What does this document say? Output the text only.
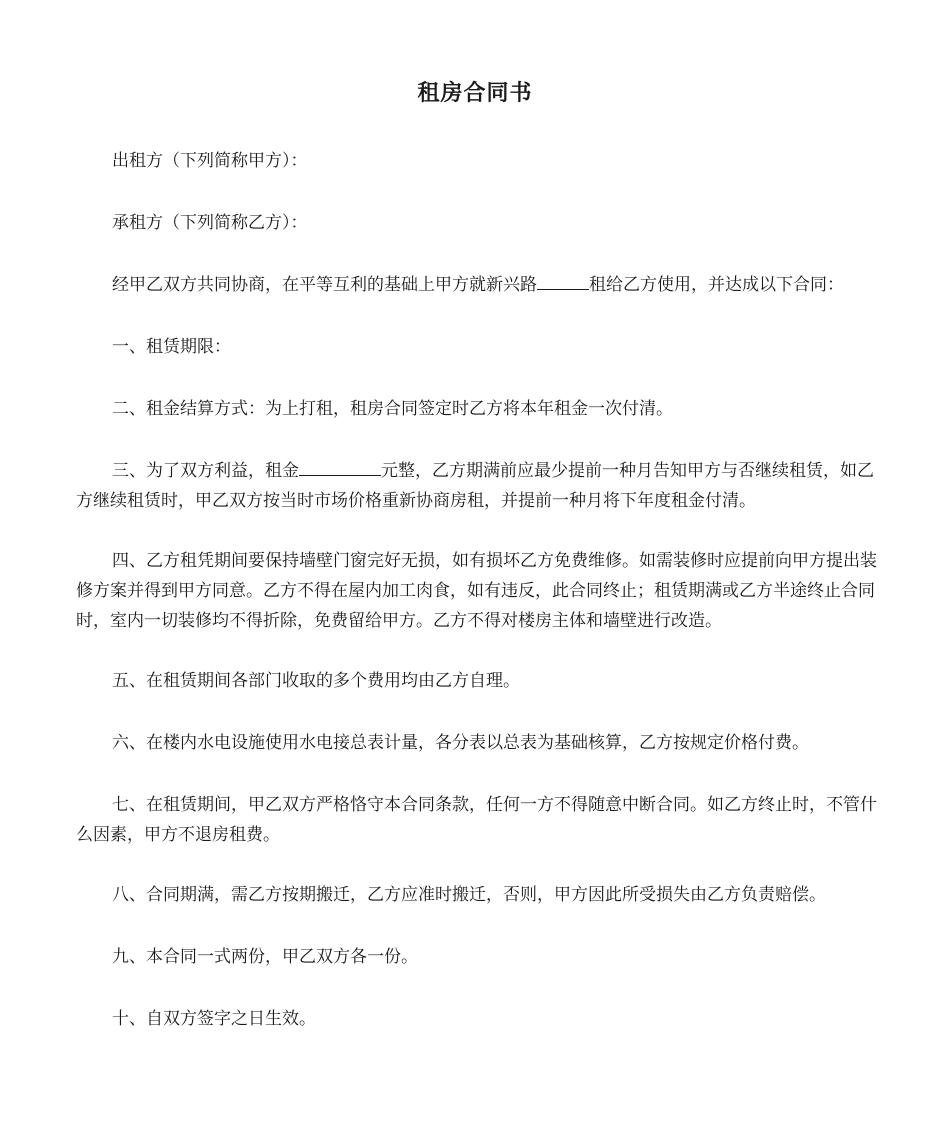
租房合同书

出租方（下列简称甲方）：

承租方（下列简称乙方）：

经甲乙双方共同协商，在平等互利的基础上甲方就新兴路	租给乙方使用，并达成以下合同：

一、租赁期限：

二、租金结算方式：为上打租，租房合同签定时乙方将本年租金一次付清。

三、为了双方利益，租金	元整，乙方期满前应最少提前一种月告知甲方与否继续租赁，如乙方继续租赁时，甲乙双方按当时市场价格重新协商房租，并提前一种月将下年度租金付清。

四、乙方租凭期间要保持墙壁门窗完好无损，如有损坏乙方免费维修。如需装修时应提前向甲方提出装修方案并得到甲方同意。乙方不得在屋内加工肉食，如有违反，此合同终止；租赁期满或乙方半途终止合同时，室内一切装修均不得折除，免费留给甲方。乙方不得对楼房主体和墙壁进行改造。

五、在租赁期间各部门收取的多个费用均由乙方自理。

六、在楼内水电设施使用水电接总表计量，各分表以总表为基础核算，乙方按规定价格付费。

七、在租赁期间，甲乙双方严格恪守本合同条款，任何一方不得随意中断合同。如乙方终止时，不管什么因素，甲方不退房租费。

八、合同期满，需乙方按期搬迁，乙方应准时搬迁，否则，甲方因此所受损失由乙方负责赔偿。

九、本合同一式两份，甲乙双方各一份。

十、自双方签字之日生效。
